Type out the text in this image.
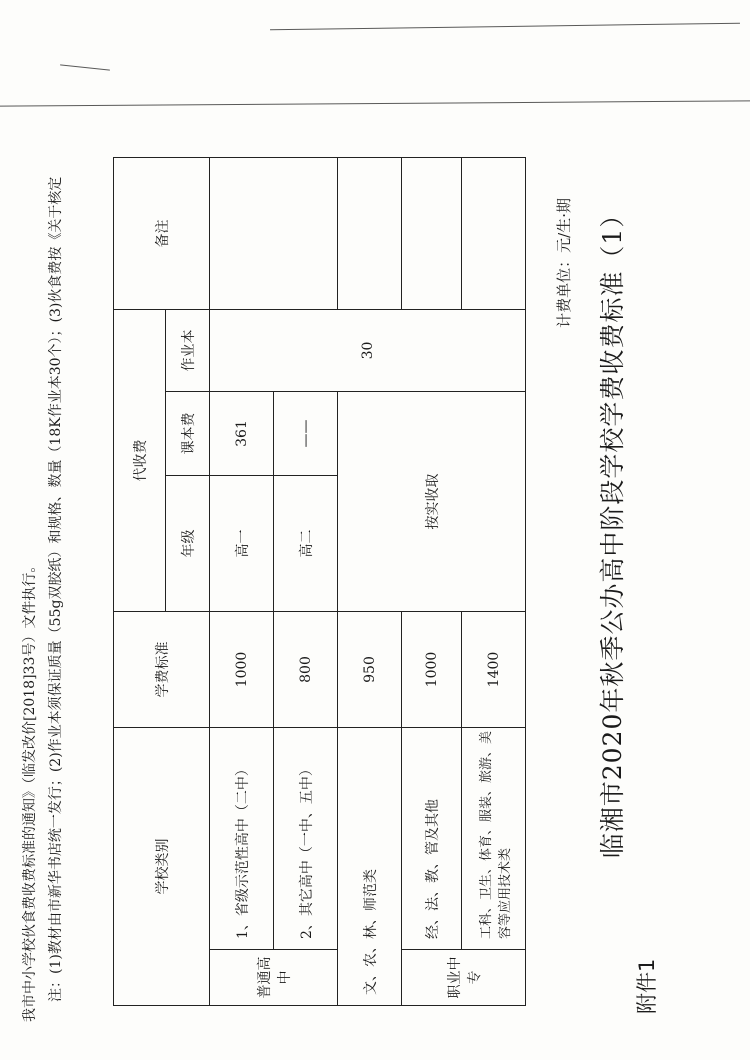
附件1
临湘市2020年秋季公办高中阶段学校学费收费标准（1）
计费单位：元/生·期
学校类别		学费标准	代收费			备注
			年级	课本费	作业本	
普通高中	1、省级示范性高中（二中）	1000	高一	361	30	
	2、其它高中（一中、五中）	800	高二	——		
文、农、林、师范类		950	按实收取			
职业中专	经、法、教、管及其他	1000				
	工科、卫生、体育、服装、旅游、美容等应用技术类	1400				
注：(1)教材由市新华书店统一发行；(2)作业本须保证质量（55g双胶纸）和规格、数量（18K作业本30个）；(3)伙食费按《关于核定
我市中小学校伙食费收费标准的通知》（临发改价[2018]33号）文件执行。
